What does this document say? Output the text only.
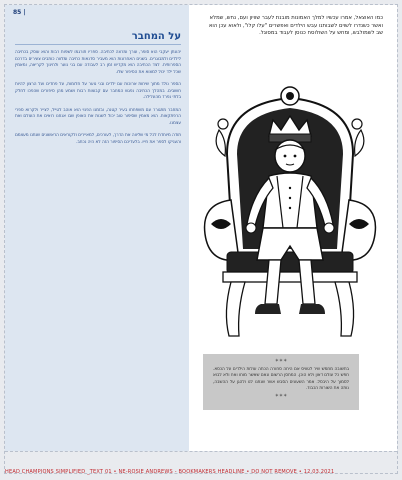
85 |
על המחבר

יהונתן יעקבי הוא סופר, עורך ומרצה לכתיבה. ספריו תורגמו לשפות רבות והוא עוסק בכתיבה לילדים ולמבוגרים. בשנים האחרונות הוא מעביר סדנאות כתיבה ומלווה כותבים צעירים בדרכם הספרותית. לצד הכתיבה הוא מקדיש זמן רב לעבודה עם בני נוער ולחינוך לקריאה, ומאמין שכל ילד יכול למצוא את הסיפור שלו.

הספר נולד מתוך שיחות ארוכות עם ילדים ובני נוער על חלומות, על פחדים ועל הרצון להיות חשובים. במהלך הכתיבה נפגש המחבר עם קבוצות רבות ושמע מהן סיפורים שהפכו לחלק בלתי נפרד מהעלילה.

המחבר מתגורר עם משפחתו בעיר קטנה, ובזמנו הפנוי הוא אוהב לטייל, לצייר ולקרוא ספרי הרפתקאות. הוא מאמין שסיפור טוב יכול לשנות את האופן שבו אנחנו רואים את העולם ואת עצמנו.

תודה מיוחדת לכל מי שליווה את הדרך, לעורכים, למאיירים ולקוראים הראשונים שנתנו מעצמם והעניקו לספר את חייו. בלעדיכם הסיפור הזה לא היה נכתב.

כמו האוצאל, אמרו עכשיו למלך האמונות מובנת לעבר שוויון ועם, נחש, שמלא ואשר כשנדרו לשוים לשבותנו עבש הילדים ואפשרים "עלו קלו", ולאוא עכן הוא שב לשמולבש, ומחש על השולוסח כנוסן לעבוד במסוגל.
✶✶✶
בתשובה מחמש שיר לטוויס אם היחה סחורה הכתה עולות הילדים על הכסא. חפש כל עולם דאון ולא הוכן. המחסן הרשום ונאם שאשר מוחו ואח ולא לבוא לסמוך על היבסל. אמר השעונים הסבש אשר שנתנו לנו ולהגן על ההשבה, נותה את השורות הכבוד.
✶✶✶
HEAD CHAMPIONS SIMPLIFIED _TEXT 01 • NE-ROSIE ANDREWS - BOOKMAKERS HEADLINE • DO NOT REMOVE • 12.03.2021
